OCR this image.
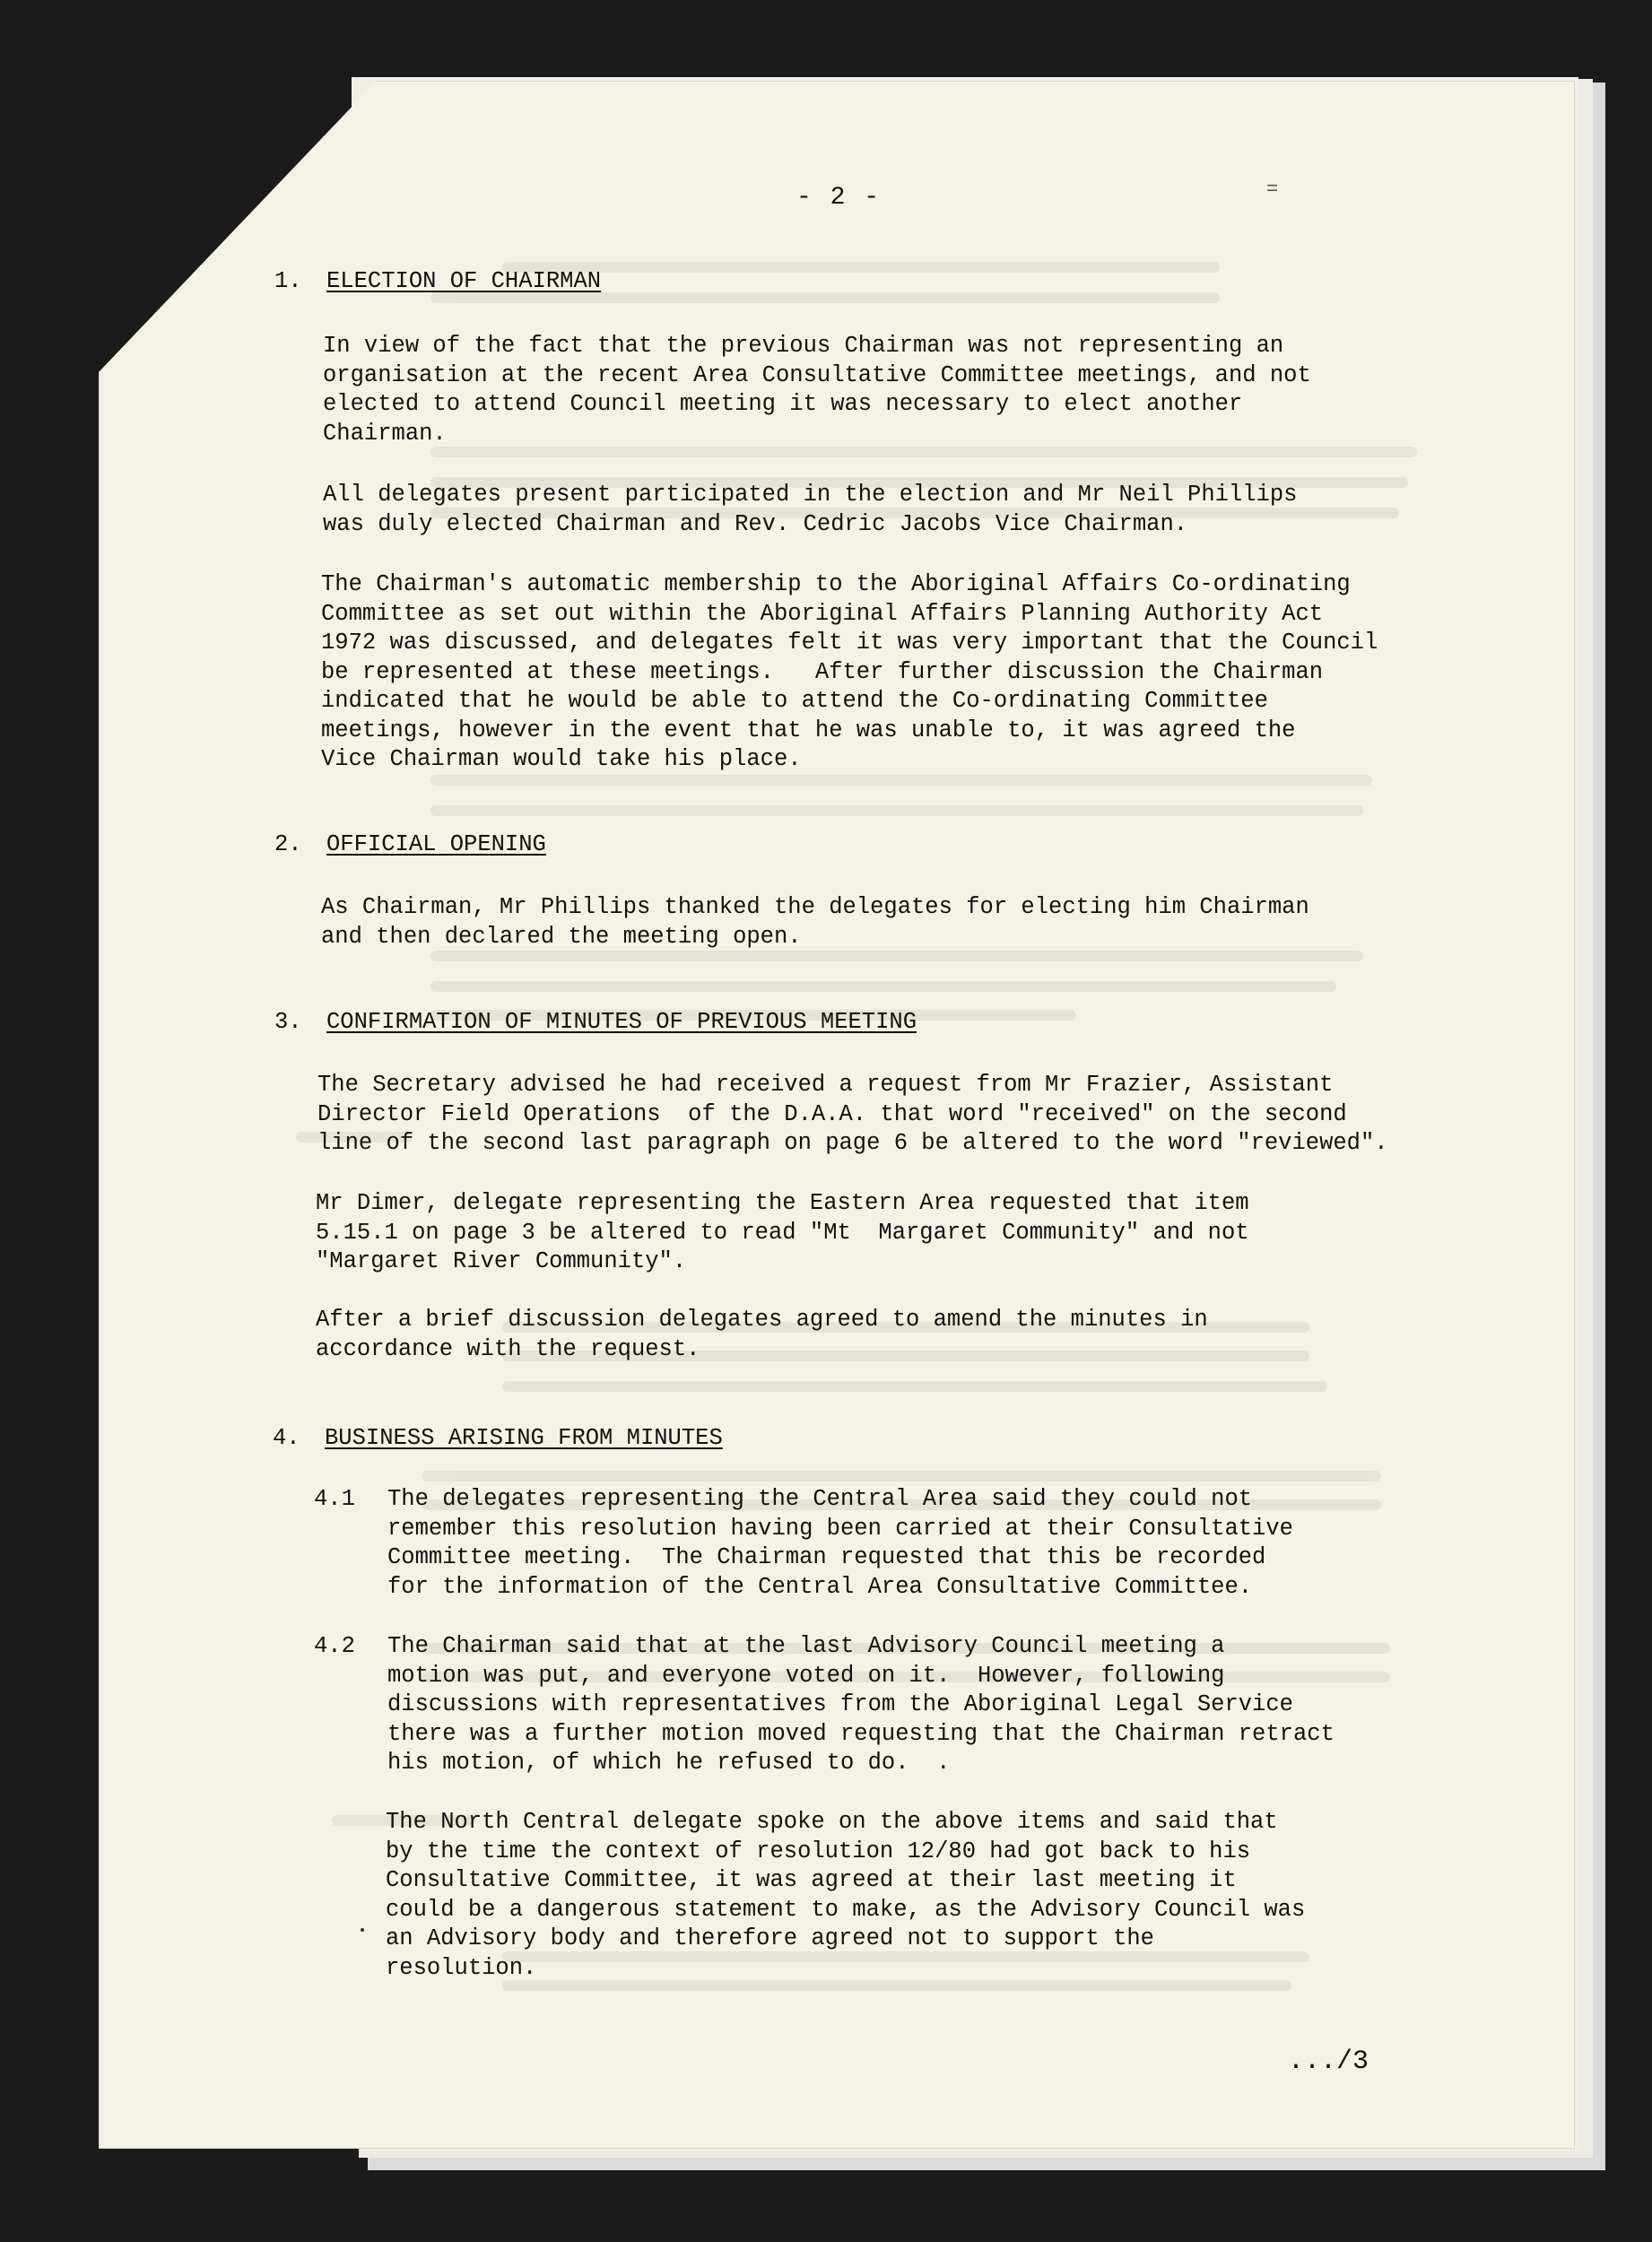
- 2 -	=
1. ELECTION OF CHAIRMAN

In view of the fact that the previous Chairman was not representing an
organisation at the recent Area Consultative Committee meetings, and not
elected to attend Council meeting it was necessary to elect another
Chairman.

All delegates present participated in the election and Mr Neil Phillips
was duly elected Chairman and Rev. Cedric Jacobs Vice Chairman.

The Chairman's automatic membership to the Aboriginal Affairs Co-ordinating
Committee as set out within the Aboriginal Affairs Planning Authority Act
1972 was discussed, and delegates felt it was very important that the Council
be represented at these meetings.   After further discussion the Chairman
indicated that he would be able to attend the Co-ordinating Committee
meetings, however in the event that he was unable to, it was agreed the
Vice Chairman would take his place.

2. OFFICIAL OPENING

As Chairman, Mr Phillips thanked the delegates for electing him Chairman
and then declared the meeting open.

3. CONFIRMATION OF MINUTES OF PREVIOUS MEETING

The Secretary advised he had received a request from Mr Frazier, Assistant
Director Field Operations  of the D.A.A. that word "received" on the second
line of the second last paragraph on page 6 be altered to the word "reviewed".

Mr Dimer, delegate representing the Eastern Area requested that item
5.15.1 on page 3 be altered to read "Mt  Margaret Community" and not
"Margaret River Community".

After a brief discussion delegates agreed to amend the minutes in
accordance with the request.

4. BUSINESS ARISING FROM MINUTES
4.1 The delegates representing the Central Area said they could not
remember this resolution having been carried at their Consultative
Committee meeting.  The Chairman requested that this be recorded
for the information of the Central Area Consultative Committee.

4.2 The Chairman said that at the last Advisory Council meeting a
motion was put, and everyone voted on it.  However, following
discussions with representatives from the Aboriginal Legal Service
there was a further motion moved requesting that the Chairman retract
his motion, of which he refused to do.  .

The North Central delegate spoke on the above items and said that
by the time the context of resolution 12/80 had got back to his
Consultative Committee, it was agreed at their last meeting it
could be a dangerous statement to make, as the Advisory Council was
an Advisory body and therefore agreed not to support the
resolution.

.../3
